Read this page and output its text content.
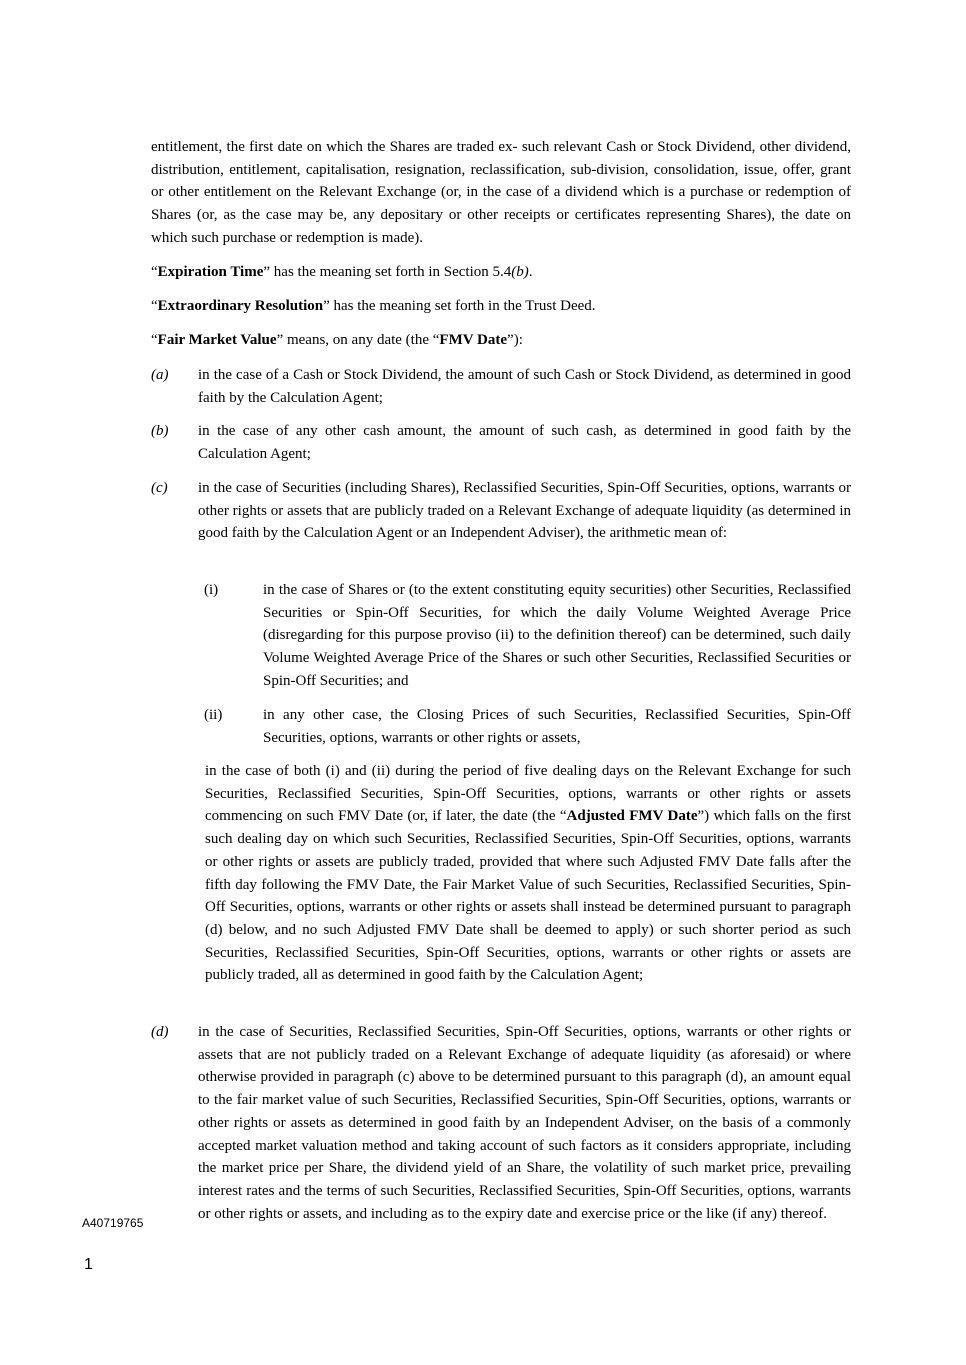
entitlement, the first date on which the Shares are traded ex- such relevant Cash or Stock Dividend, other dividend, distribution, entitlement, capitalisation, resignation, reclassification, sub-division, consolidation, issue, offer, grant or other entitlement on the Relevant Exchange (or, in the case of a dividend which is a purchase or redemption of Shares (or, as the case may be, any depositary or other receipts or certificates representing Shares), the date on which such purchase or redemption is made).

“Expiration Time” has the meaning set forth in Section 5.4(b).

“Extraordinary Resolution” has the meaning set forth in the Trust Deed.

“Fair Market Value” means, on any date (the “FMV Date”):

(a) in the case of a Cash or Stock Dividend, the amount of such Cash or Stock Dividend, as determined in good faith by the Calculation Agent;
(b) in the case of any other cash amount, the amount of such cash, as determined in good faith by the Calculation Agent;
(c) in the case of Securities (including Shares), Reclassified Securities, Spin-Off Securities, options, warrants or other rights or assets that are publicly traded on a Relevant Exchange of adequate liquidity (as determined in good faith by the Calculation Agent or an Independent Adviser), the arithmetic mean of:
(i)	in the case of Shares or (to the extent constituting equity securities) other Securities, Reclassified Securities or Spin-Off Securities, for which the daily Volume Weighted Average Price (disregarding for this purpose proviso (ii) to the definition thereof) can be determined, such daily Volume Weighted Average Price of the Shares or such other Securities, Reclassified Securities or Spin-Off Securities; and
(ii)	in any other case, the Closing Prices of such Securities, Reclassified Securities, Spin-Off Securities, options, warrants or other rights or assets,

in the case of both (i) and (ii) during the period of five dealing days on the Relevant Exchange for such Securities, Reclassified Securities, Spin-Off Securities, options, warrants or other rights or assets commencing on such FMV Date (or, if later, the date (the “Adjusted FMV Date”) which falls on the first such dealing day on which such Securities, Reclassified Securities, Spin-Off Securities, options, warrants or other rights or assets are publicly traded, provided that where such Adjusted FMV Date falls after the fifth day following the FMV Date, the Fair Market Value of such Securities, Reclassified Securities, Spin-Off Securities, options, warrants or other rights or assets shall instead be determined pursuant to paragraph (d) below, and no such Adjusted FMV Date shall be deemed to apply) or such shorter period as such Securities, Reclassified Securities, Spin-Off Securities, options, warrants or other rights or assets are publicly traded, all as determined in good faith by the Calculation Agent;

(d) in the case of Securities, Reclassified Securities, Spin-Off Securities, options, warrants or other rights or assets that are not publicly traded on a Relevant Exchange of adequate liquidity (as aforesaid) or where otherwise provided in paragraph (c) above to be determined pursuant to this paragraph (d), an amount equal to the fair market value of such Securities, Reclassified Securities, Spin-Off Securities, options, warrants or other rights or assets as determined in good faith by an Independent Adviser, on the basis of a commonly accepted market valuation method and taking account of such factors as it considers appropriate, including the market price per Share, the dividend yield of an Share, the volatility of such market price, prevailing interest rates and the terms of such Securities, Reclassified Securities, Spin-Off Securities, options, warrants or other rights or assets, and including as to the expiry date and exercise price or the like (if any) thereof.
A40719765
1
